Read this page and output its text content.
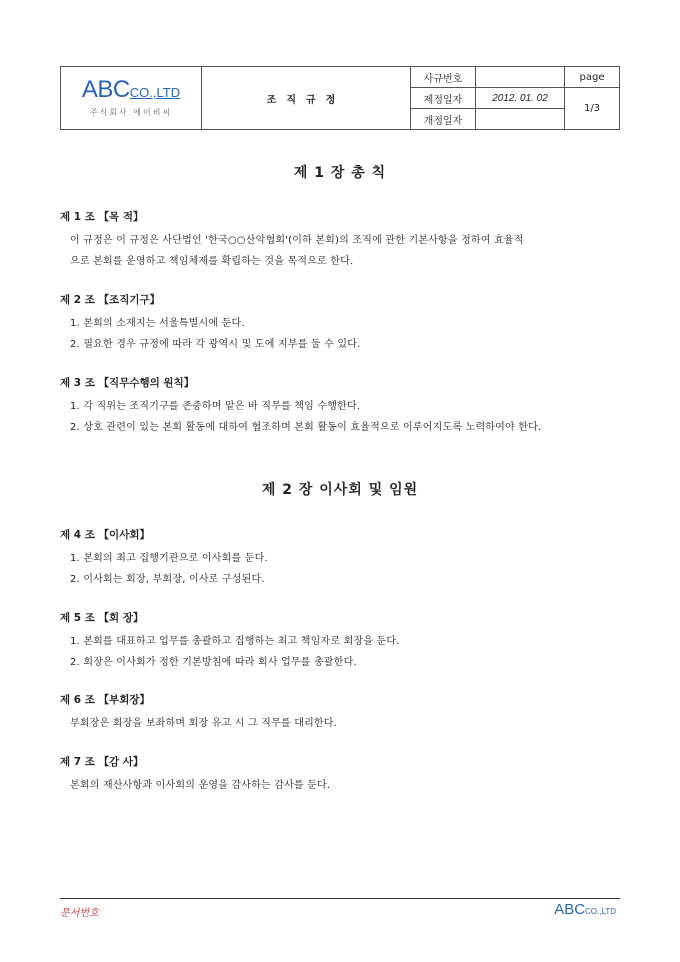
ABCCO.,LTD
주식회사 에이비씨	조직규정	사규번호		page
		제정일자	2012. 01. 02	1/3
		개정일자		
제 1 장 총 칙
제 1 조 【목 적】
이 규정은 이 규정은 사단법인 '한국○○산악협회'(이하 본회)의 조직에 관한 기본사항을 정하여 효율적
으로 본회를 운영하고 책임체제를 확립하는 것을 목적으로 한다.
제 2 조 【조직기구】
1. 본회의 소재지는 서울특별시에 둔다.
2. 필요한 경우 규정에 따라 각 광역시 및 도에 지부를 둘 수 있다.
제 3 조 【직무수행의 원칙】
1. 각 직위는 조직기구를 존중하며 맡은 바 직무를 책임 수행한다.
2. 상호 관련이 있는 본회 활동에 대하여 협조하며 본회 활동이 효율적으로 이루어지도록 노력하여야 한다.
제 2 장 이사회 및 임원
제 4 조 【이사회】
1. 본회의 최고 집행기관으로 이사회를 둔다.
2. 이사회는 회장, 부회장, 이사로 구성된다.
제 5 조 【회 장】
1. 본회를 대표하고 업무를 총괄하고 집행하는 최고 책임자로 회장을 둔다.
2. 회장은 이사회가 정한 기본방침에 따라 회사 업무를 총괄한다.
제 6 조 【부회장】
부회장은 회장을 보좌하며 회장 유고 시 그 직무를 대리한다.
제 7 조 【감 사】
본회의 재산사항과 이사회의 운영을 감사하는 감사를 둔다.
문서번호	ABCCO.,LTD
